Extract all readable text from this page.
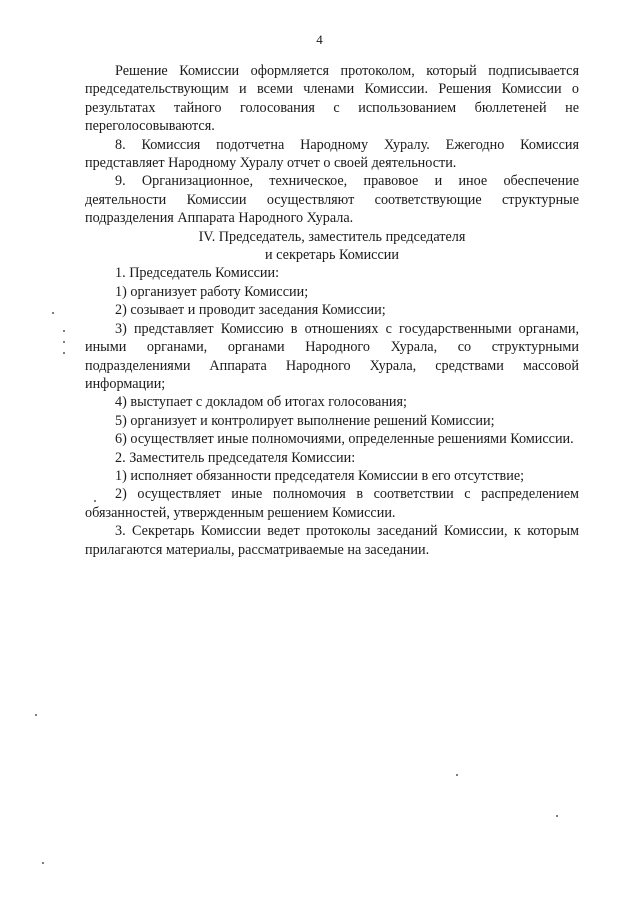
4

Решение Комиссии оформляется протоколом, который подписывается председательствующим и всеми членами Комиссии. Решения Комиссии о результатах тайного голосования с использованием бюллетеней не переголосовываются.

8. Комиссия подотчетна Народному Хуралу. Ежегодно Комиссия представляет Народному Хуралу отчет о своей деятельности.

9. Организационное, техническое, правовое и иное обеспечение деятельности Комиссии осуществляют соответствующие структурные подразделения Аппарата Народного Хурала.

IV. Председатель, заместитель председателя
и секретарь Комиссии

1. Председатель Комиссии:

1) организует работу Комиссии;

2) созывает и проводит заседания Комиссии;

3) представляет Комиссию в отношениях с государственными органами, иными органами, органами Народного Хурала, со структурными подразделениями Аппарата Народного Хурала, средствами массовой информации;

4) выступает с докладом об итогах голосования;

5) организует и контролирует выполнение решений Комиссии;

6) осуществляет иные полномочиями, определенные решениями Комиссии.

2. Заместитель председателя Комиссии:

1) исполняет обязанности председателя Комиссии в его отсутствие;

2) осуществляет иные полномочия в соответствии с распределением обязанностей, утвержденным решением Комиссии.

3. Секретарь Комиссии ведет протоколы заседаний Комиссии, к которым прилагаются материалы, рассматриваемые на заседании.
